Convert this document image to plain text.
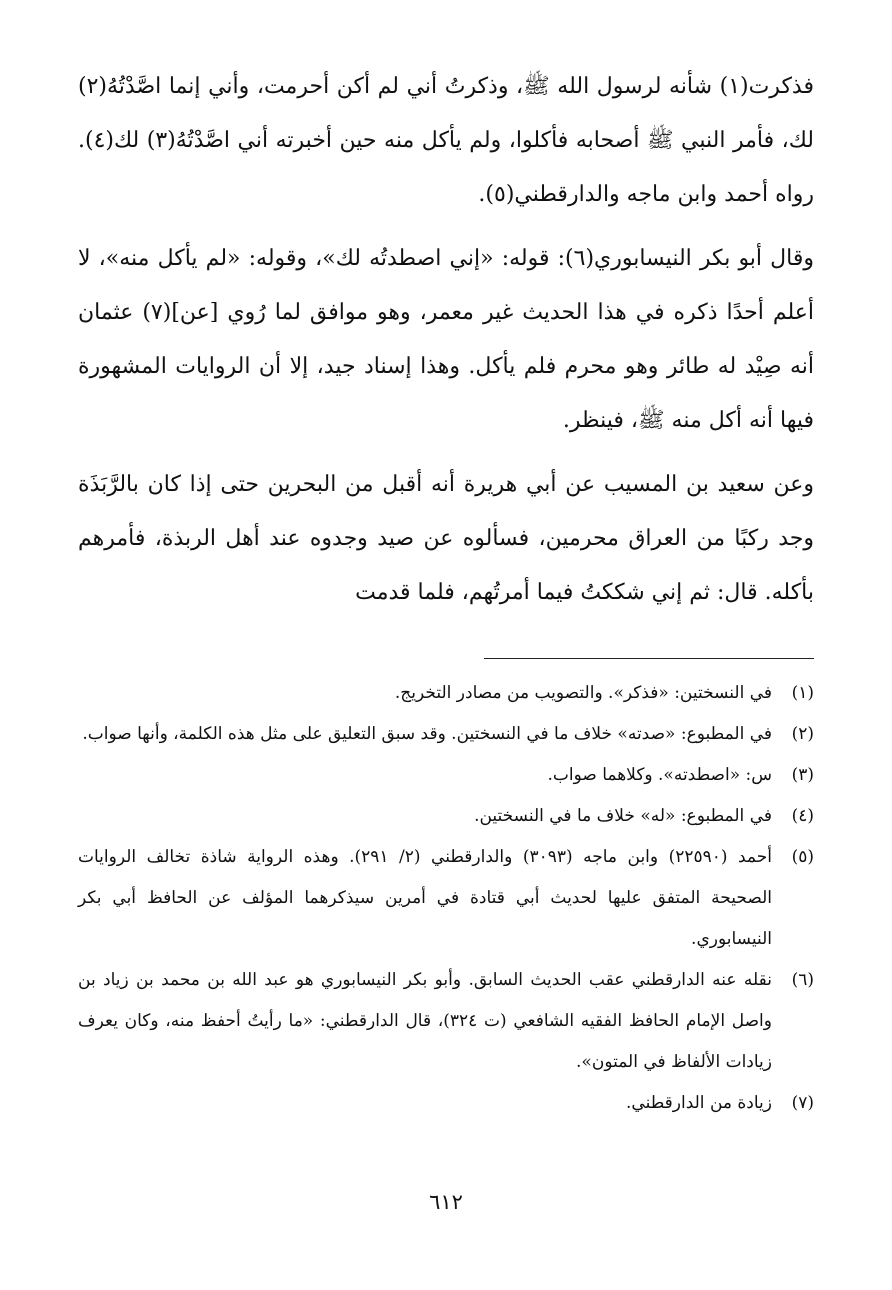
فذكرت(١) شأنه لرسول الله ﷺ، وذكرتُ أني لم أكن أحرمت، وأني إنما اصَّدْتُهُ(٢) لك، فأمر النبي ﷺ أصحابه فأكلوا، ولم يأكل منه حين أخبرته أني اصَّدْتُهُ(٣) لك(٤). رواه أحمد وابن ماجه والدارقطني(٥).

وقال أبو بكر النيسابوري(٦): قوله: «إني اصطدتُه لك»، وقوله: «لم يأكل منه»، لا أعلم أحدًا ذكره في هذا الحديث غير معمر، وهو موافق لما رُوي [عن](٧) عثمان أنه صِيْد له طائر وهو محرم فلم يأكل. وهذا إسناد جيد، إلا أن الروايات المشهورة فيها أنه أكل منه ﷺ، فينظر.

وعن سعيد بن المسيب عن أبي هريرة أنه أقبل من البحرين حتى إذا كان بالرَّبَذَة وجد ركبًا من العراق محرمين، فسألوه عن صيد وجدوه عند أهل الربذة، فأمرهم بأكله. قال: ثم إني شككتُ فيما أمرتُهم، فلما قدمت

(١)
في النسختين: «فذكر». والتصويب من مصادر التخريج.
(٢)
في المطبوع: «صدته» خلاف ما في النسختين. وقد سبق التعليق على مثل هذه الكلمة، وأنها صواب.
(٣)
س: «اصطدته». وكلاهما صواب.
(٤)
في المطبوع: «له» خلاف ما في النسختين.
(٥)
أحمد (٢٢٥٩٠) وابن ماجه (٣٠٩٣) والدارقطني (٢/ ٢٩١). وهذه الرواية شاذة تخالف الروايات الصحيحة المتفق عليها لحديث أبي قتادة في أمرين سيذكرهما المؤلف عن الحافظ أبي بكر النيسابوري.
(٦)
نقله عنه الدارقطني عقب الحديث السابق. وأبو بكر النيسابوري هو عبد الله بن محمد بن زياد بن واصل الإمام الحافظ الفقيه الشافعي (ت ٣٢٤)، قال الدارقطني: «ما رأيتُ أحفظ منه، وكان يعرف زيادات الألفاظ في المتون».
(٧)
زيادة من الدارقطني.
٦١٢
